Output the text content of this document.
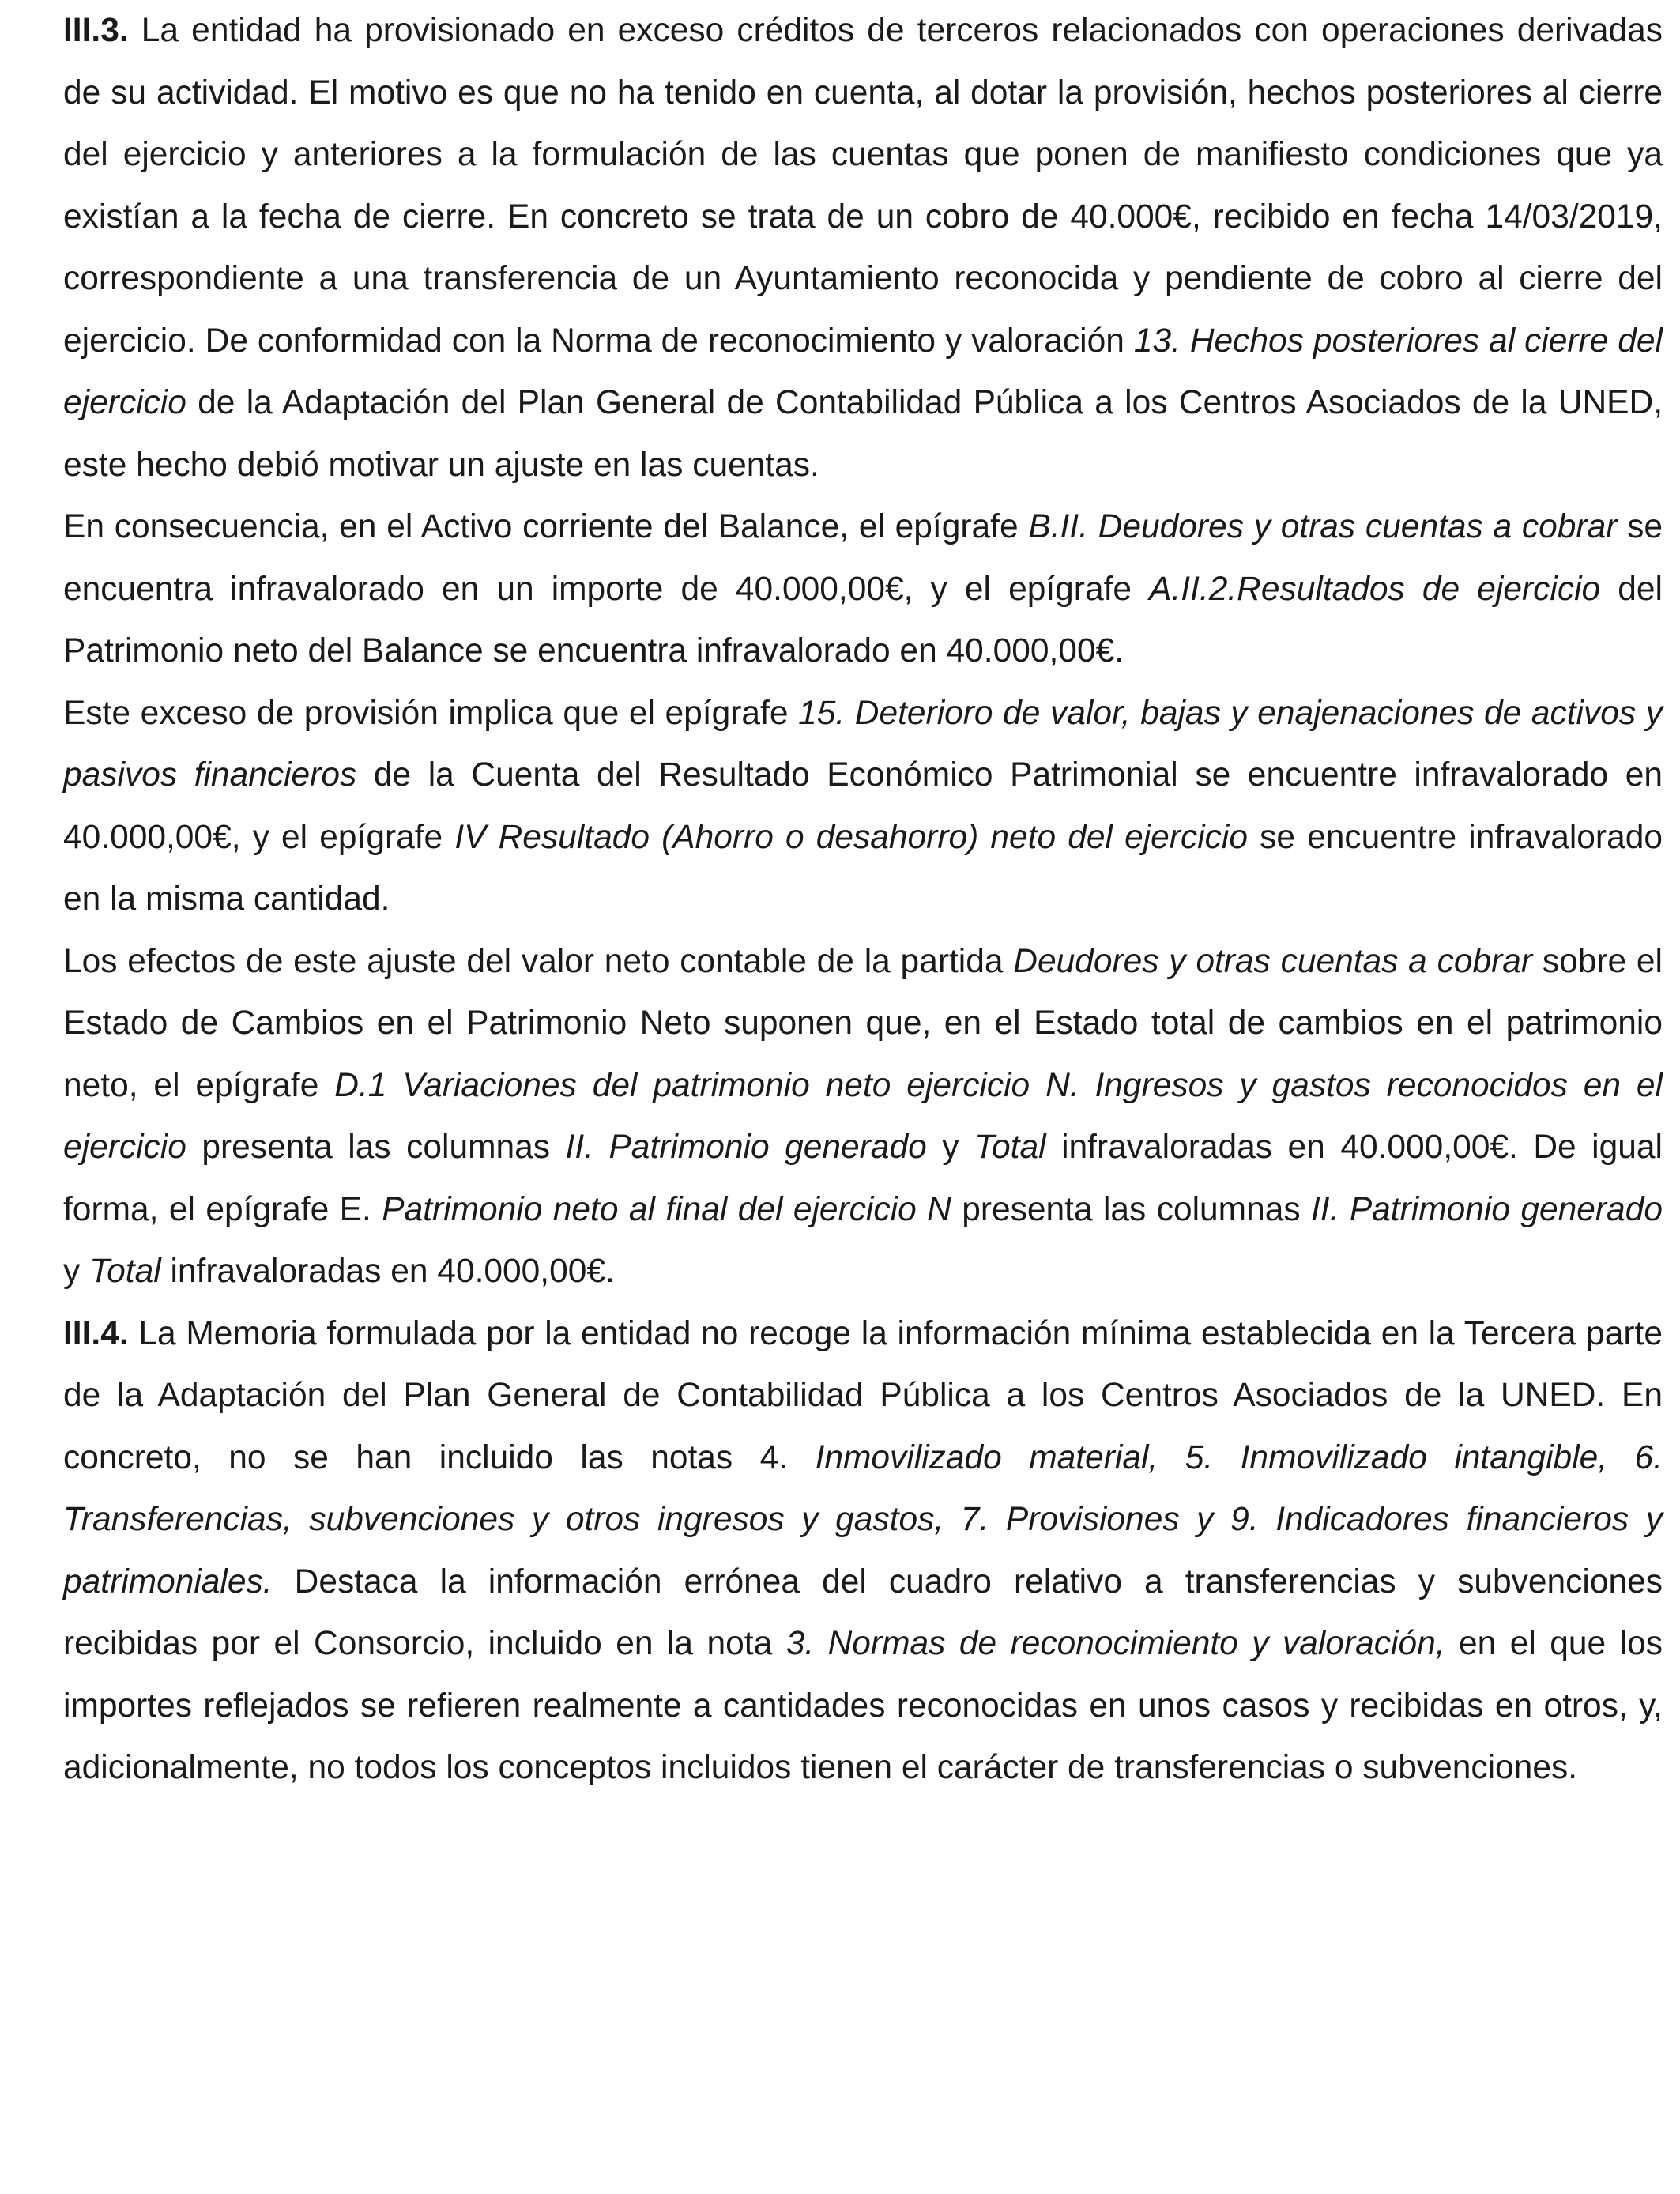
III.3. La entidad ha provisionado en exceso créditos de terceros relacionados con operaciones derivadas de su actividad. El motivo es que no ha tenido en cuenta, al dotar la provisión, hechos posteriores al cierre del ejercicio y anteriores a la formulación de las cuentas que ponen de manifiesto condiciones que ya existían a la fecha de cierre. En concreto se trata de un cobro de 40.000€, recibido en fecha 14/03/2019, correspondiente a una transferencia de un Ayuntamiento reconocida y pendiente de cobro al cierre del ejercicio. De conformidad con la Norma de reconocimiento y valoración 13. Hechos posteriores al cierre del ejercicio de la Adaptación del Plan General de Contabilidad Pública a los Centros Asociados de la UNED, este hecho debió motivar un ajuste en las cuentas.

En consecuencia, en el Activo corriente del Balance, el epígrafe B.II. Deudores y otras cuentas a cobrar se encuentra infravalorado en un importe de 40.000,00€, y el epígrafe A.II.2.Resultados de ejercicio del Patrimonio neto del Balance se encuentra infravalorado en 40.000,00€.

Este exceso de provisión implica que el epígrafe 15. Deterioro de valor, bajas y enajenaciones de activos y pasivos financieros de la Cuenta del Resultado Económico Patrimonial se encuentre infravalorado en 40.000,00€, y el epígrafe IV Resultado (Ahorro o desahorro) neto del ejercicio se encuentre infravalorado en la misma cantidad.

Los efectos de este ajuste del valor neto contable de la partida Deudores y otras cuentas a cobrar sobre el Estado de Cambios en el Patrimonio Neto suponen que, en el Estado total de cambios en el patrimonio neto, el epígrafe D.1 Variaciones del patrimonio neto ejercicio N. Ingresos y gastos reconocidos en el ejercicio presenta las columnas II. Patrimonio generado y Total infravaloradas en 40.000,00€. De igual forma, el epígrafe E. Patrimonio neto al final del ejercicio N presenta las columnas II. Patrimonio generado y Total infravaloradas en 40.000,00€.

III.4. La Memoria formulada por la entidad no recoge la información mínima establecida en la Tercera parte de la Adaptación del Plan General de Contabilidad Pública a los Centros Asociados de la UNED. En concreto, no se han incluido las notas 4. Inmovilizado material, 5. Inmovilizado intangible, 6. Transferencias, subvenciones y otros ingresos y gastos, 7. Provisiones y 9. Indicadores financieros y patrimoniales. Destaca la información errónea del cuadro relativo a transferencias y subvenciones recibidas por el Consorcio, incluido en la nota 3. Normas de reconocimiento y valoración, en el que los importes reflejados se refieren realmente a cantidades reconocidas en unos casos y recibidas en otros, y, adicionalmente, no todos los conceptos incluidos tienen el carácter de transferencias o subvenciones.
